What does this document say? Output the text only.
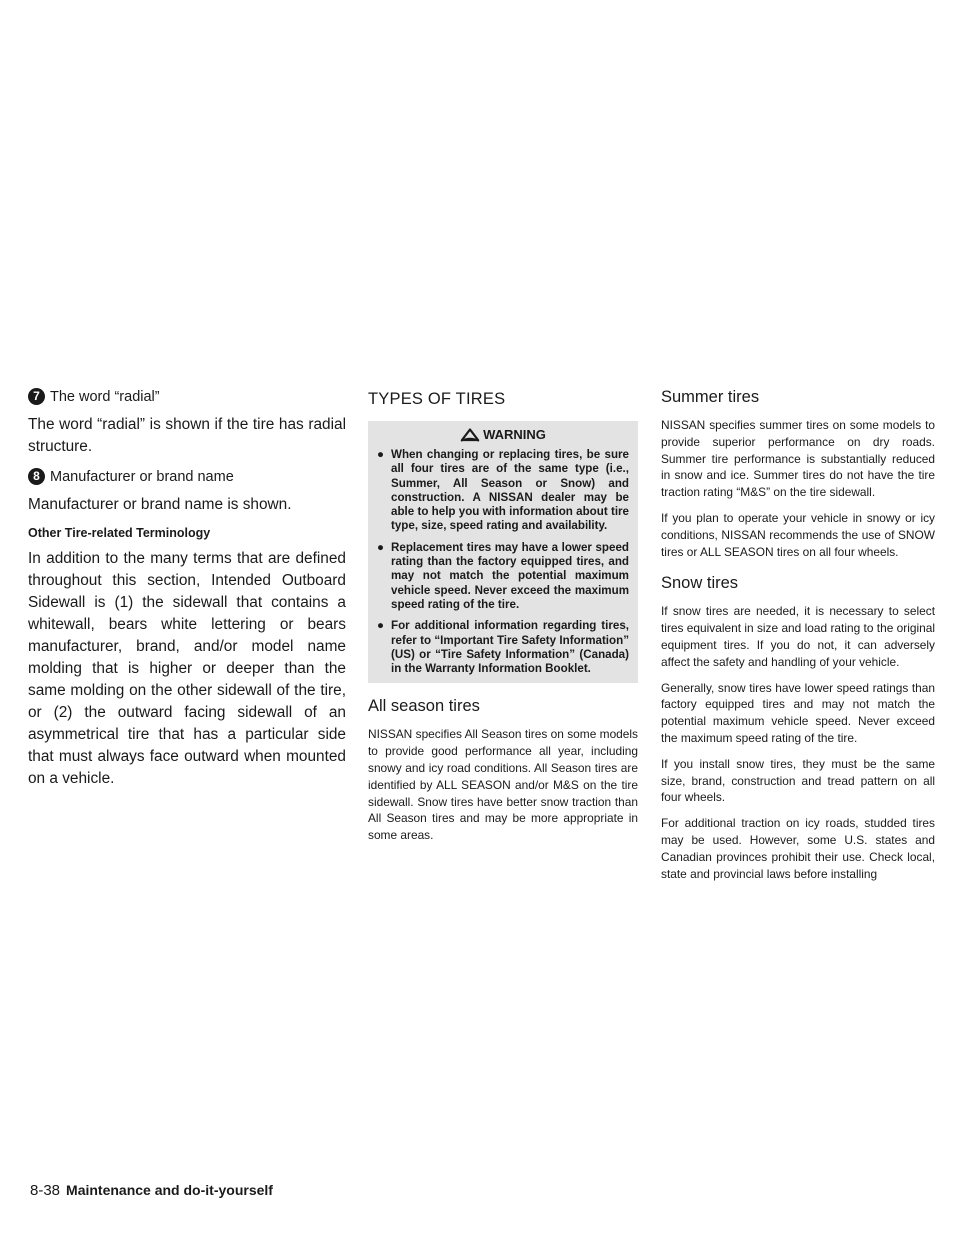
7 The word “radial”

The word “radial” is shown if the tire has radial structure.

8 Manufacturer or brand name

Manufacturer or brand name is shown.

Other Tire-related Terminology

In addition to the many terms that are defined throughout this section, Intended Outboard Sidewall is (1) the sidewall that contains a whitewall, bears white lettering or bears manufacturer, brand, and/or model name molding that is higher or deeper than the same molding on the other sidewall of the tire, or (2) the outward facing sidewall of an asymmetrical tire that has a particular side that must always face outward when mounted on a vehicle.

TYPES OF TIRES
WARNING
● When changing or replacing tires, be sure all four tires are of the same type (i.e., Summer, All Season or Snow) and construction. A NISSAN dealer may be able to help you with information about tire type, size, speed rating and availability.
● Replacement tires may have a lower speed rating than the factory equipped tires, and may not match the potential maximum vehicle speed. Never exceed the maximum speed rating of the tire.
● For additional information regarding tires, refer to “Important Tire Safety Information” (US) or “Tire Safety Information” (Canada) in the Warranty Information Booklet.
All season tires

NISSAN specifies All Season tires on some models to provide good performance all year, including snowy and icy road conditions. All Season tires are identified by ALL SEASON and/or M&S on the tire sidewall. Snow tires have better snow traction than All Season tires and may be more appropriate in some areas.

Summer tires

NISSAN specifies summer tires on some models to provide superior performance on dry roads. Summer tire performance is substantially reduced in snow and ice. Summer tires do not have the tire traction rating “M&S” on the tire sidewall.

If you plan to operate your vehicle in snowy or icy conditions, NISSAN recommends the use of SNOW tires or ALL SEASON tires on all four wheels.

Snow tires

If snow tires are needed, it is necessary to select tires equivalent in size and load rating to the original equipment tires. If you do not, it can adversely affect the safety and handling of your vehicle.

Generally, snow tires have lower speed ratings than factory equipped tires and may not match the potential maximum vehicle speed. Never exceed the maximum speed rating of the tire.

If you install snow tires, they must be the same size, brand, construction and tread pattern on all four wheels.

For additional traction on icy roads, studded tires may be used. However, some U.S. states and Canadian provinces prohibit their use. Check local, state and provincial laws before installing

8-38 Maintenance and do-it-yourself
